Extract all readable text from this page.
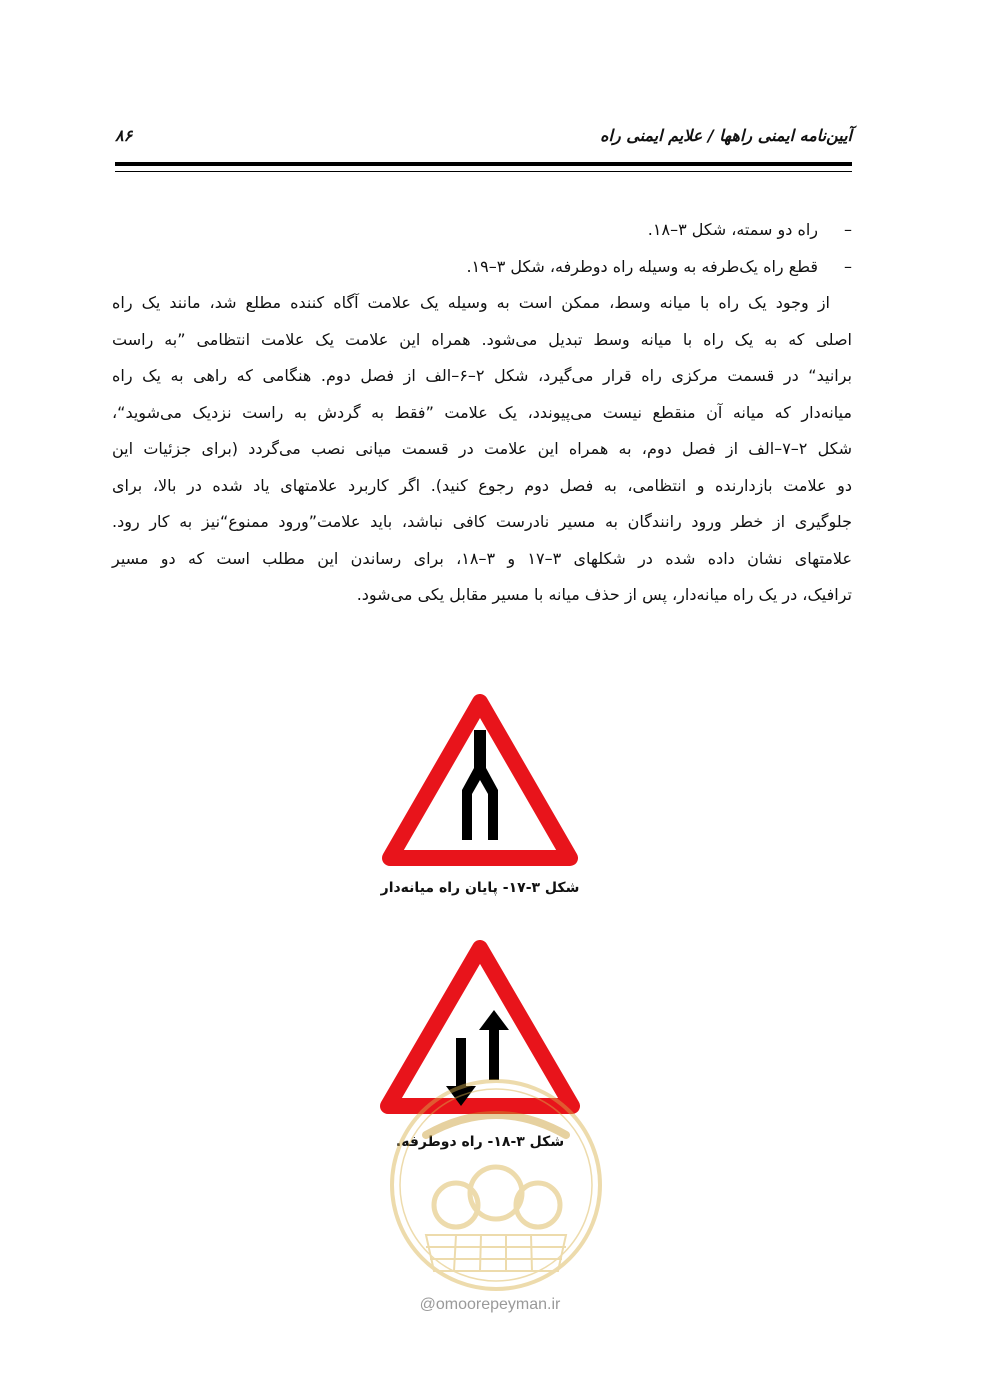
آیین‌نامه ایمنی راهها / علایم ایمنی راه
۸۶
–
راه دو سمته، شکل ۳–۱۸.
–
قطع راه یک‌طرفه به وسیله راه دوطرفه، شکل ۳–۱۹.
از وجود یک راه با میانه وسط، ممکن است به وسیله یک علامت آگاه کننده مطلع شد، مانند یک راه
اصلی که به یک راه با میانه وسط تبدیل می‌شود. همراه این علامت یک علامت انتظامی ”به راست
برانید“ در قسمت مرکزی راه قرار می‌گیرد، شکل ۲–۶–الف از فصل دوم. هنگامی که راهی به یک راه
میانه‌دار که میانه آن منقطع نیست می‌پیوندد، یک علامت ”فقط به گردش به راست نزدیک می‌شوید“،
شکل ۲–۷–الف از فصل دوم، به همراه این علامت در قسمت میانی نصب می‌گردد (برای جزئیات این
دو علامت بازدارنده و انتظامی، به فصل دوم رجوع کنید). اگر کاربرد علامتهای یاد شده در بالا، برای
جلوگیری از خطر ورود رانندگان به مسیر نادرست کافی نباشد، باید علامت”ورود ممنوع“نیز به کار رود.
علامتهای نشان داده شده در شکلهای ۳–۱۷ و ۳–۱۸، برای رساندن این مطلب است که دو مسیر
ترافیک، در یک راه میانه‌دار، پس از حذف میانه با مسیر مقابل یکی می‌شود.
شکل ۳-۱۷- پایان راه میانه‌دار
شکل ۳-۱۸- راه دوطرفه.
@omoorepeyman.ir
